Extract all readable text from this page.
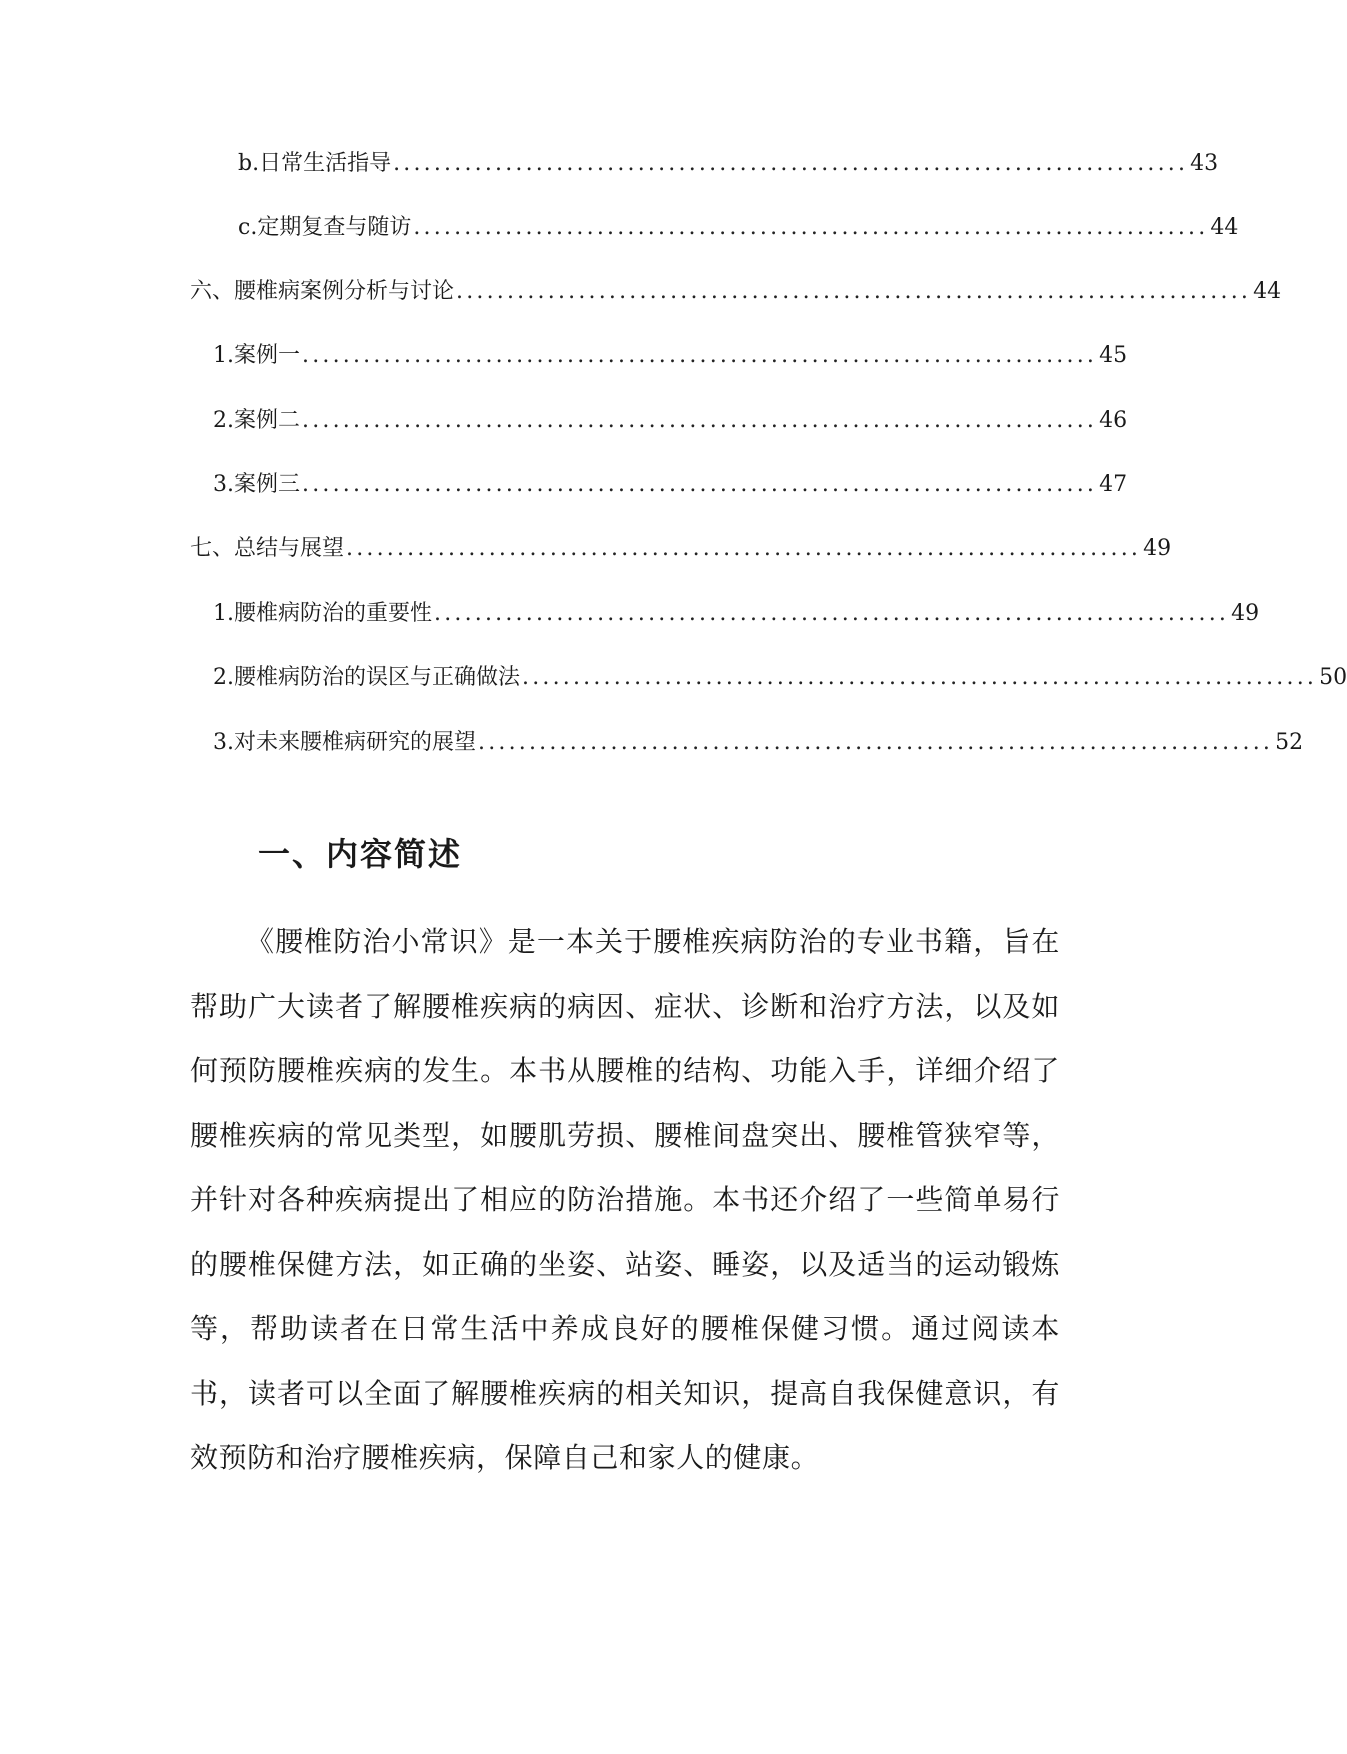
b. 日常生活指导 .............................................................................. 43
c. 定期复查与随访 .............................................................................. 44
六、腰椎病案例分析与讨论 .............................................................................. 44
1. 案例一 .............................................................................. 45
2. 案例二 .............................................................................. 46
3. 案例三 .............................................................................. 47
七、总结与展望 .............................................................................. 49
1. 腰椎病防治的重要性 .............................................................................. 49
2. 腰椎病防治的误区与正确做法 .............................................................................. 50
3. 对未来腰椎病研究的展望 .............................................................................. 52
一、内容简述

《腰椎防治小常识》是一本关于腰椎疾病防治的专业书籍，旨在帮助广大读者了解腰椎疾病的病因、症状、诊断和治疗方法，以及如何预防腰椎疾病的发生。本书从腰椎的结构、功能入手，详细介绍了腰椎疾病的常见类型，如腰肌劳损、腰椎间盘突出、腰椎管狭窄等，并针对各种疾病提出了相应的防治措施。本书还介绍了一些简单易行的腰椎保健方法，如正确的坐姿、站姿、睡姿，以及适当的运动锻炼等，帮助读者在日常生活中养成良好的腰椎保健习惯。通过阅读本书，读者可以全面了解腰椎疾病的相关知识，提高自我保健意识，有效预防和治疗腰椎疾病，保障自己和家人的健康。
